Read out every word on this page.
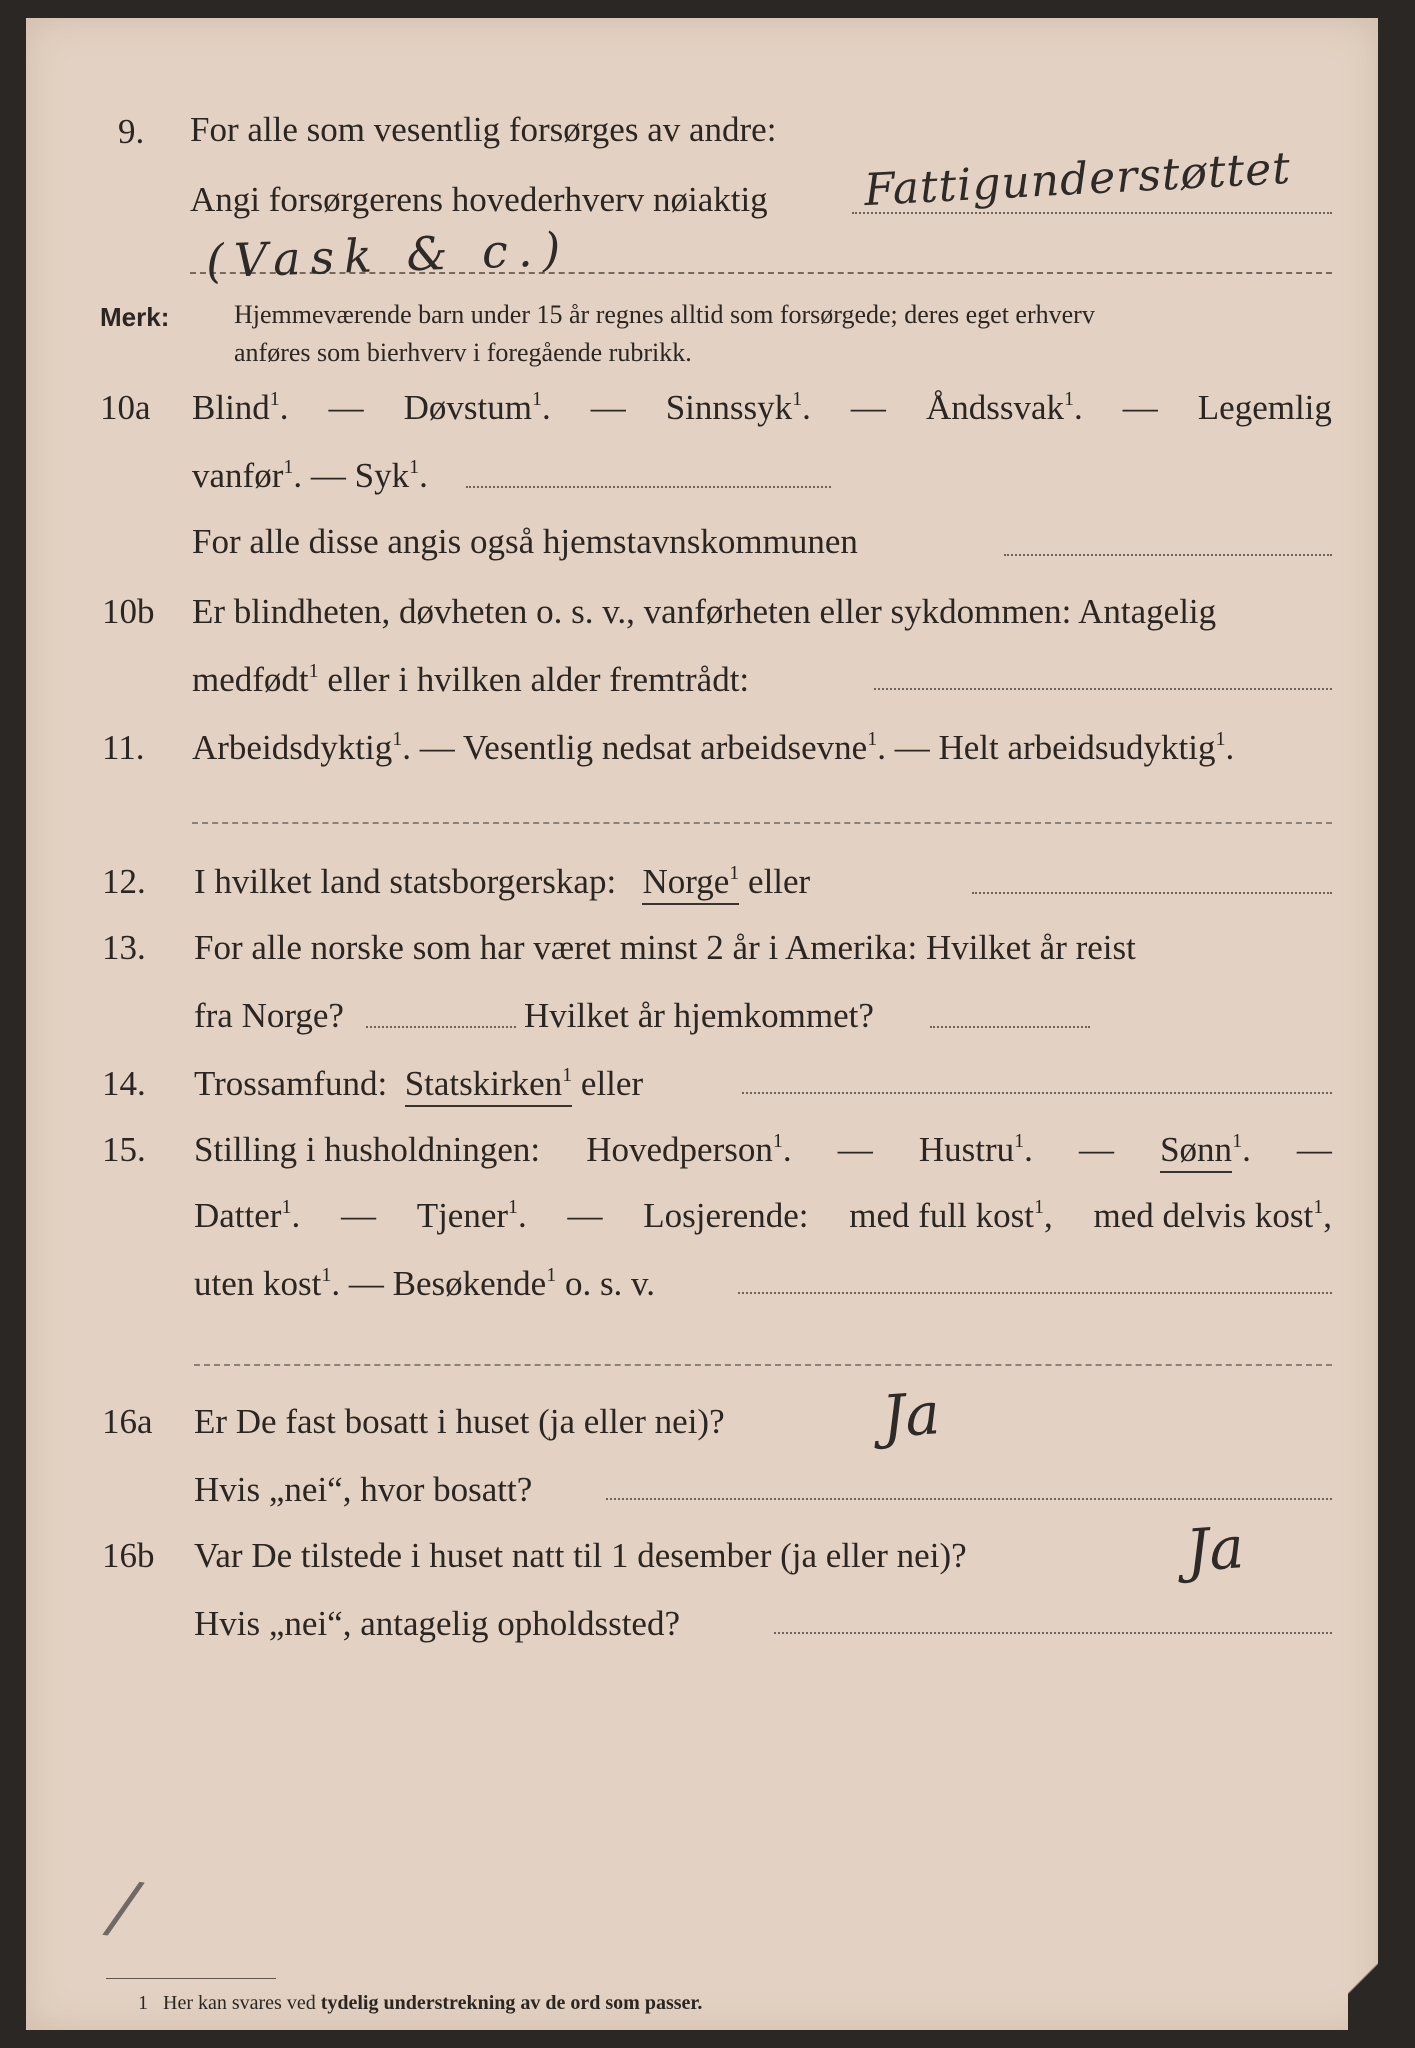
9. For alle som vesentlig forsørges av andre:
Angi forsørgerens hovederhverv nøiaktig Fattigunderstøttet
(Vask & c.)
Merk: Hjemmeværende barn under 15 år regnes alltid som forsørgede; deres eget erhverv
anføres som bierhverv i foregående rubrikk.
10a Blind$^1$. — Døvstum$^1$. — Sinnssyk$^1$. — Åndssvak$^1$. — Legemlig
vanfør$^1$. — Syk$^1$.
For alle disse angis også hjemstavnskommunen
10b Er blindheten, døvheten o. s. v., vanførheten eller sykdommen: Antagelig
medfødt$^1$ eller i hvilken alder fremtrådt:
11. Arbeidsdyktig$^1$. — Vesentlig nedsat arbeidsevne$^1$. — Helt arbeidsudyktig$^1$.
12. I hvilket land statsborgerskap: Norge$^1$ eller
13. For alle norske som har været minst 2 år i Amerika: Hvilket år reist
fra Norge?	Hvilket år hjemkommet?
14. Trossamfund: Statskirken$^1$ eller
15. Stilling i husholdningen: Hovedperson$^1$. — Hustru$^1$. — Sønn$^1$. —
Datter$^1$. — Tjener$^1$. — Losjerende: med full kost$^1$, med delvis kost$^1$,
uten kost$^1$. — Besøkende$^1$ o. s. v.
16a Er De fast bosatt i huset (ja eller nei)?	Ja
Hvis „nei“, hvor bosatt?
16b Var De tilstede i huset natt til 1 desember (ja eller nei)?	Ja
Hvis „nei“, antagelig opholdssted?
/
1 Her kan svares ved tydelig understrekning av de ord som passer.
